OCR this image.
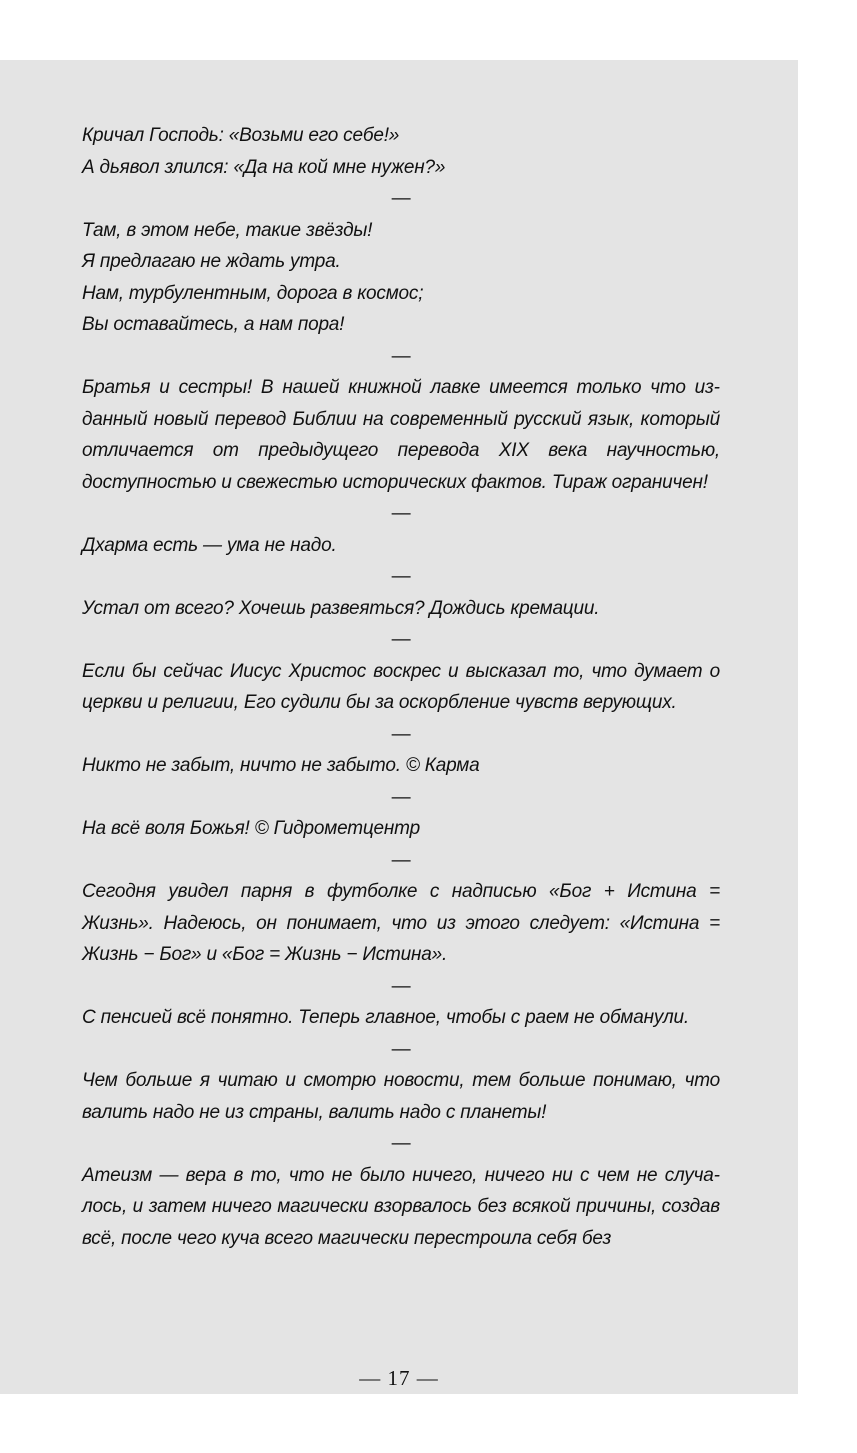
Кричал Господь: «Возьми его себе!»
А дьявол злился: «Да на кой мне нужен?»

—

Там, в этом небе, такие звёзды!
Я предлагаю не ждать утра.
Нам, турбулентным, дорога в космос;
Вы оставайтесь, а нам пора!

—

Братья и сестры! В нашей книжной лавке имеется только что изданный новый перевод Библии на современный русский язык, который отличается от предыдущего перевода XIX века научностью, доступностью и свежестью исторических фактов. Тираж ограничен!

—

Дхарма есть — ума не надо.

—

Устал от всего? Хочешь развеяться? Дождись кремации.

—

Если бы сейчас Иисус Христос воскрес и высказал то, что думает о церкви и религии, Его судили бы за оскорбление чувств верующих.

—

Никто не забыт, ничто не забыто. © Карма

—

На всё воля Божья! © Гидрометцентр

—

Сегодня увидел парня в футболке с надписью «Бог + Истина = Жизнь». Надеюсь, он понимает, что из этого следует: «Истина = Жизнь − Бог» и «Бог = Жизнь − Истина».

—

С пенсией всё понятно. Теперь главное, чтобы с раем не обманули.

—

Чем больше я читаю и смотрю новости, тем больше понимаю, что валить надо не из страны, валить надо с планеты!

—

Атеизм — вера в то, что не было ничего, ничего ни с чем не случалось, и затем ничего магически взорвалось без всякой причины, создав всё, после чего куча всего магически перестроила себя без

— 17 —
